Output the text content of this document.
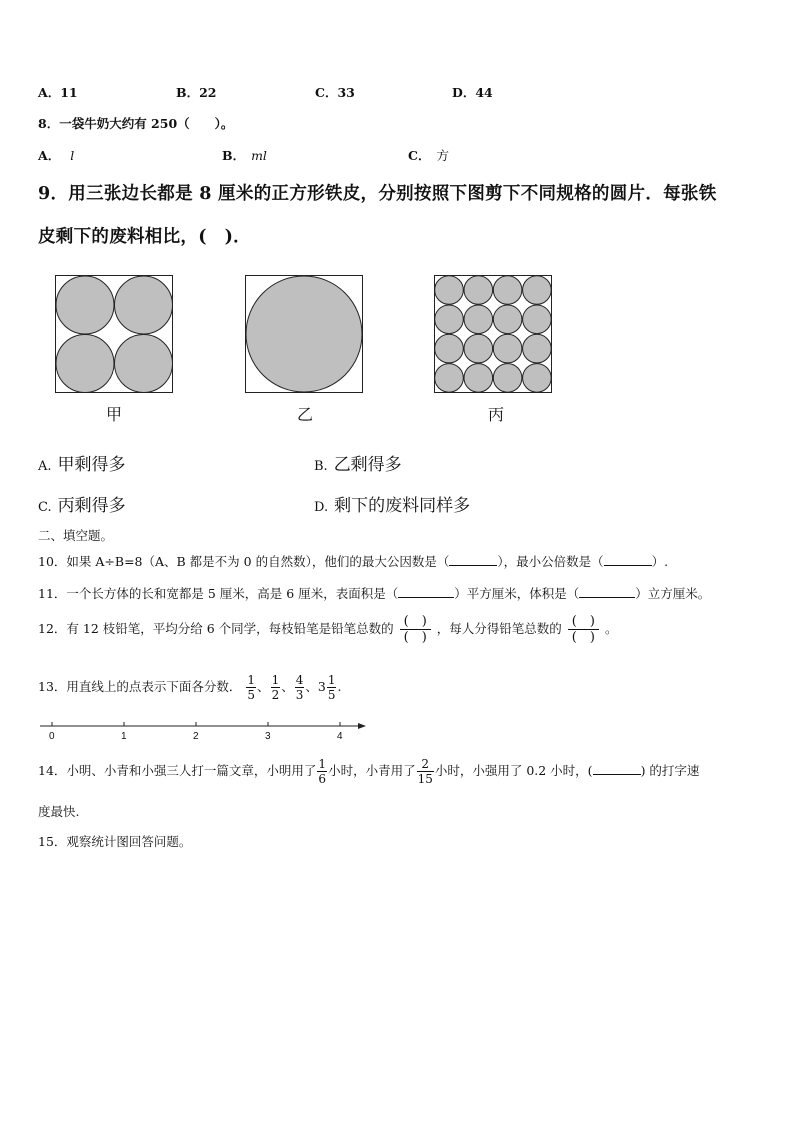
A．11	B．22	C．33	D．44
8．一袋牛奶大约有 250（　　）。
A． l	B． ml	C． 方
9．用三张边长都是 8 厘米的正方形铁皮，分别按照下图剪下不同规格的圆片．每张铁
皮剩下的废料相比，(　)．
甲	乙	丙
A. 甲剩得多	B. 乙剩得多
C. 丙剩得多	D. 剩下的废料同样多
二、填空题。
10．如果 A÷B=8（A、B 都是不为 0 的自然数），他们的最大公因数是（	），最小公倍数是（	）.
11．一个长方体的长和宽都是 5 厘米，高是 6 厘米，表面积是（	）平方厘米，体积是（	）立方厘米。
12．有 12 枝铅笔，平均分给 6 个同学，每枝铅笔是铅笔总数的 $\frac{( )}{( )}$ ，每人分得铅笔总数的 $\frac{( )}{( )}$ 。
13．用直线上的点表示下面各分数． $\frac{1}{5}$ 、 $\frac{1}{2}$ 、 $\frac{4}{3}$ 、$3 \frac{1}{5}$ .
0	1	2	3	4
14．小明、小青和小强三人打一篇文章，小明用了 $\frac{1}{6}$ 小时，小青用了 $\frac{2}{15}$ 小时，小强用了 0.2 小时，(	) 的打字速
度最快.
15．观察统计图回答问题。
